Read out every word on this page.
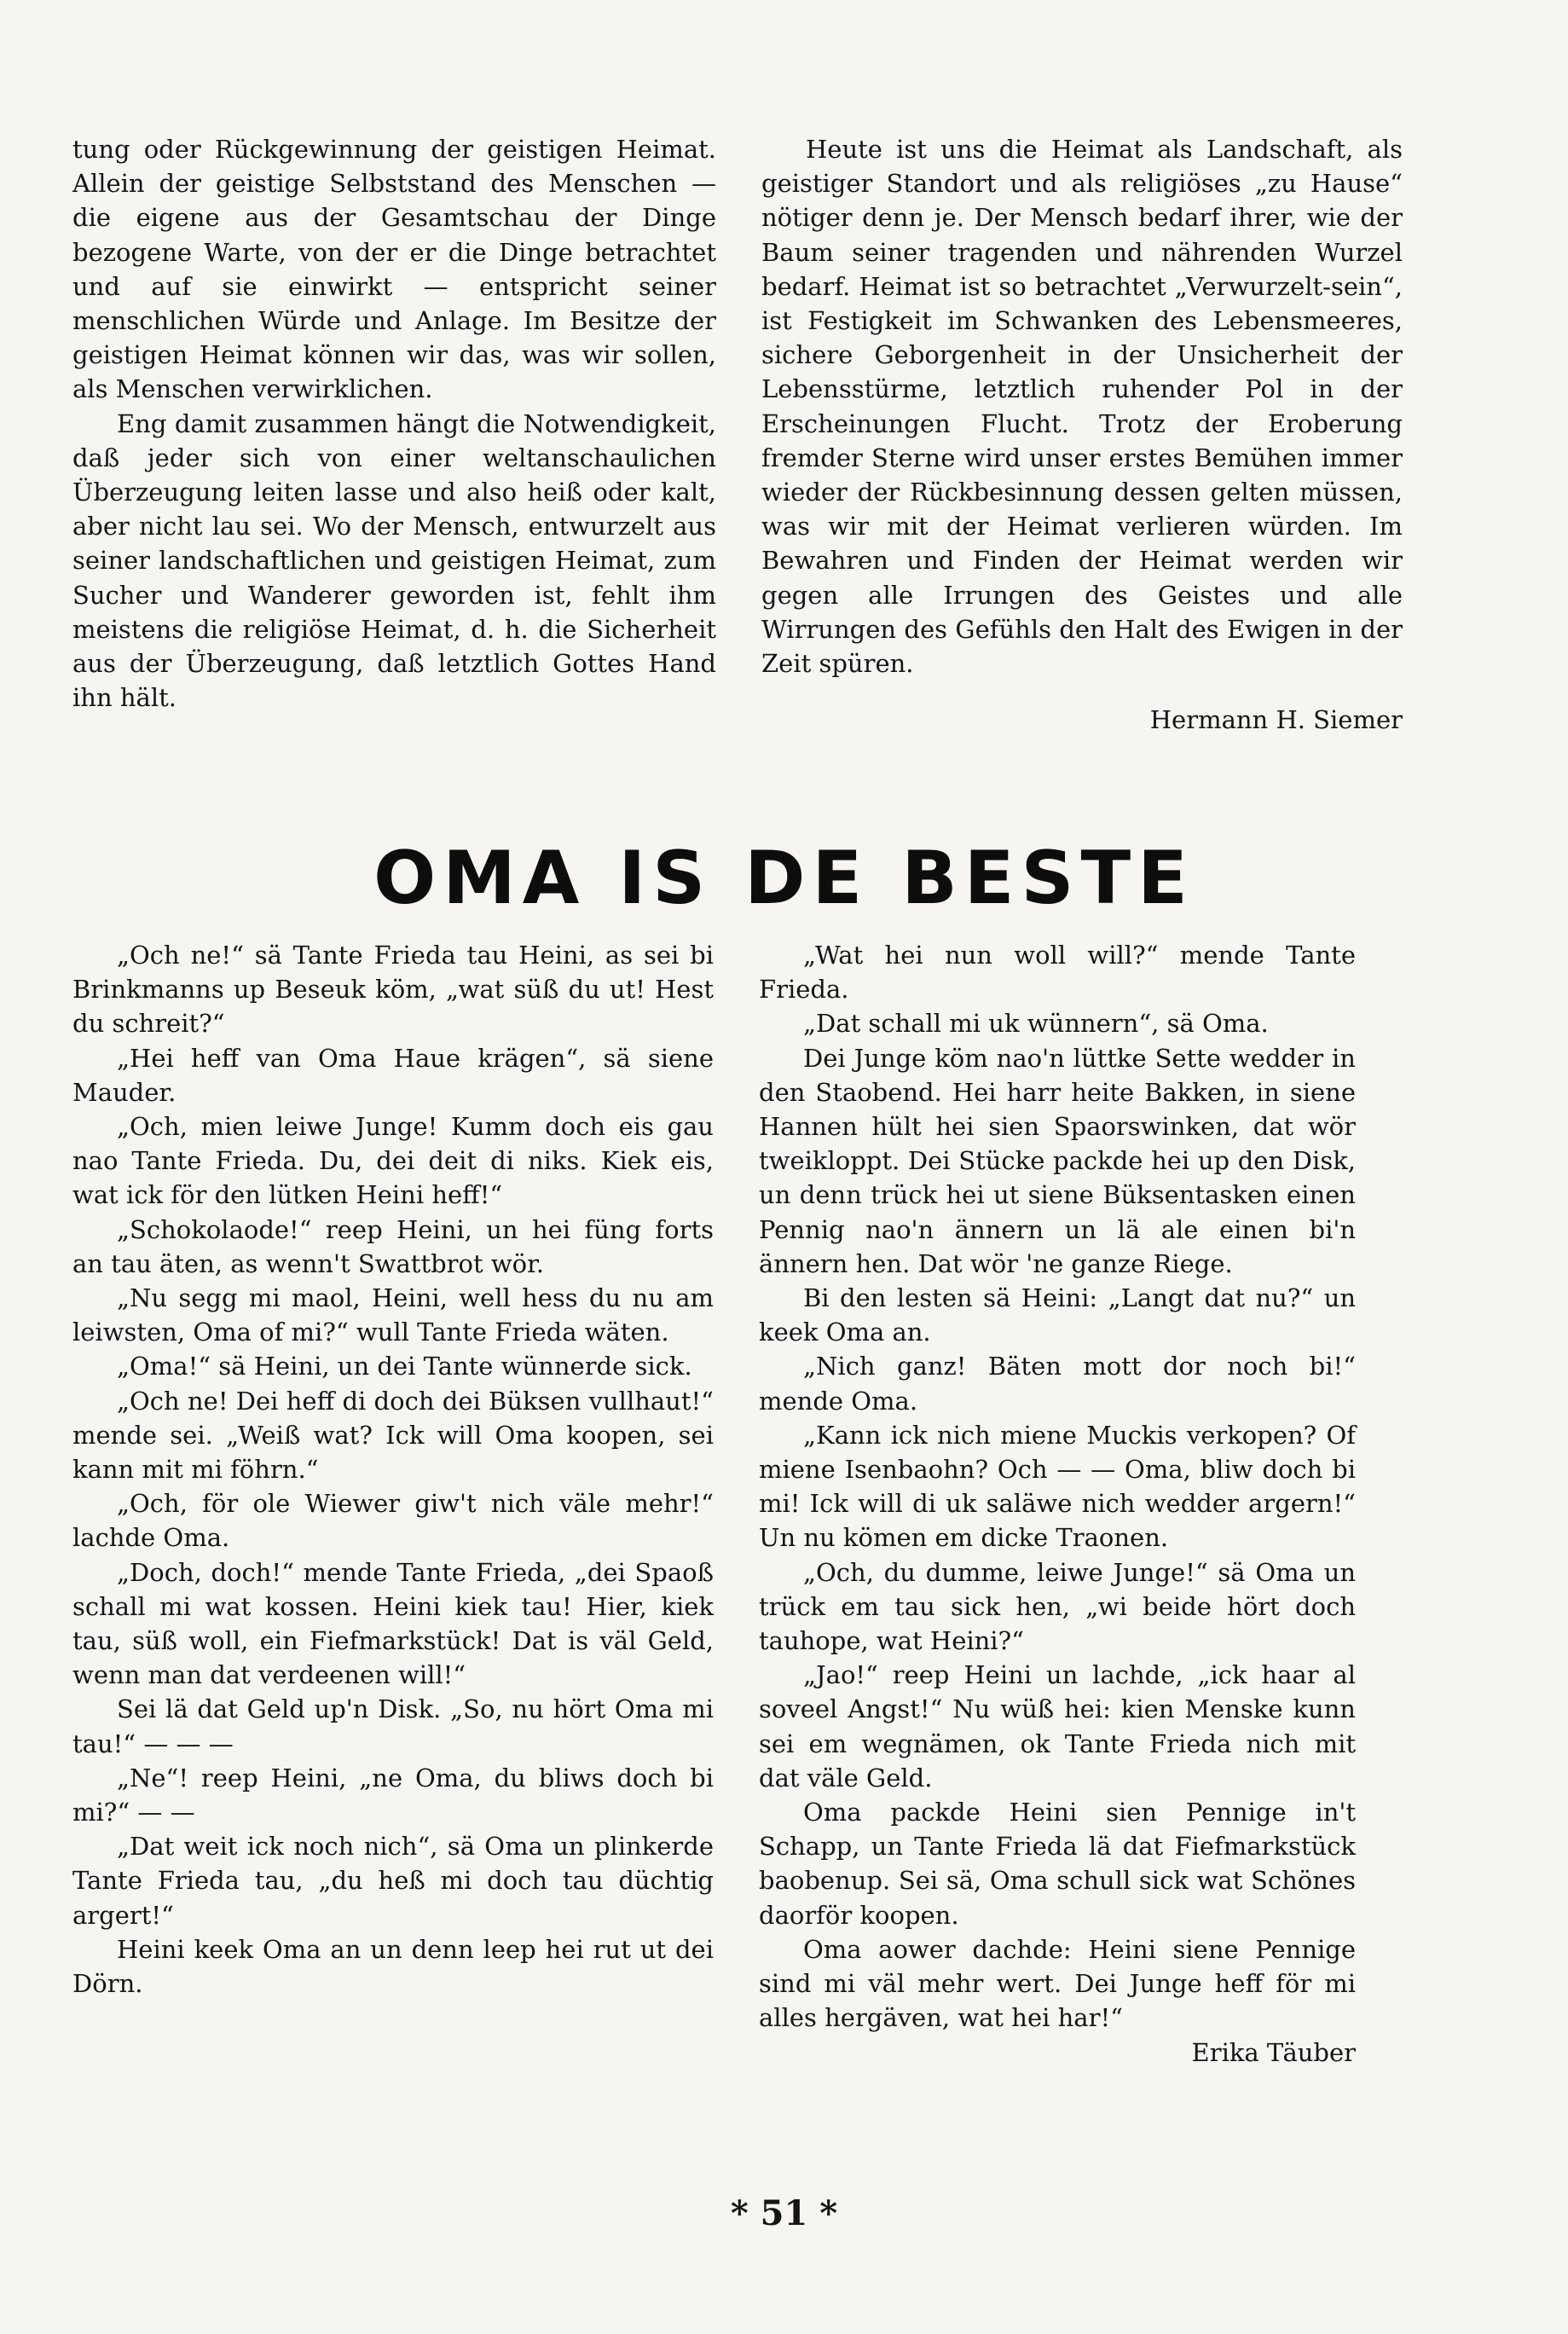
tung oder Rückgewinnung der geistigen Heimat. Allein der geistige Selbststand des Menschen — die eigene aus der Gesamtschau der Dinge bezogene Warte, von der er die Dinge betrachtet und auf sie einwirkt — entspricht seiner menschlichen Würde und Anlage. Im Besitze der geistigen Heimat können wir das, was wir sollen, als Menschen verwirklichen.

Eng damit zusammen hängt die Notwendigkeit, daß jeder sich von einer weltanschaulichen Überzeugung leiten lasse und also heiß oder kalt, aber nicht lau sei. Wo der Mensch, entwurzelt aus seiner landschaftlichen und geistigen Heimat, zum Sucher und Wanderer geworden ist, fehlt ihm meistens die religiöse Heimat, d. h. die Sicherheit aus der Überzeugung, daß letztlich Gottes Hand ihn hält.

Heute ist uns die Heimat als Landschaft, als geistiger Standort und als religiöses „zu Hause“ nötiger denn je. Der Mensch bedarf ihrer, wie der Baum seiner tragenden und nährenden Wurzel bedarf. Heimat ist so betrachtet „Verwurzelt-sein“, ist Festigkeit im Schwanken des Lebensmeeres, sichere Geborgenheit in der Unsicherheit der Lebensstürme, letztlich ruhender Pol in der Erscheinungen Flucht. Trotz der Eroberung fremder Sterne wird unser erstes Bemühen immer wieder der Rückbesinnung dessen gelten müssen, was wir mit der Heimat verlieren würden. Im Bewahren und Finden der Heimat werden wir gegen alle Irrungen des Geistes und alle Wirrungen des Gefühls den Halt des Ewigen in der Zeit spüren.

Hermann H. Siemer
OMA IS DE BESTE

„Och ne!“ sä Tante Frieda tau Heini, as sei bi Brinkmanns up Beseuk köm, „wat süß du ut! Hest du schreit?“

„Hei heff van Oma Haue krägen“, sä siene Mauder.

„Och, mien leiwe Junge! Kumm doch eis gau nao Tante Frieda. Du, dei deit di niks. Kiek eis, wat ick för den lütken Heini heff!“

„Schokolaode!“ reep Heini, un hei füng forts an tau äten, as wenn't Swattbrot wör.

„Nu segg mi maol, Heini, well hess du nu am leiwsten, Oma of mi?“ wull Tante Frieda wäten.

„Oma!“ sä Heini, un dei Tante wünnerde sick.

„Och ne! Dei heff di doch dei Büksen vullhaut!“ mende sei. „Weiß wat? Ick will Oma koopen, sei kann mit mi föhrn.“

„Och, för ole Wiewer giw't nich väle mehr!“ lachde Oma.

„Doch, doch!“ mende Tante Frieda, „dei Spaoß schall mi wat kossen. Heini kiek tau! Hier, kiek tau, süß woll, ein Fiefmarkstück! Dat is väl Geld, wenn man dat verdeenen will!“

Sei lä dat Geld up'n Disk. „So, nu hört Oma mi tau!“ — — —

„Ne“! reep Heini, „ne Oma, du bliws doch bi mi?“ — —

„Dat weit ick noch nich“, sä Oma un plinkerde Tante Frieda tau, „du heß mi doch tau düchtig argert!“

Heini keek Oma an un denn leep hei rut ut dei Dörn.

„Wat hei nun woll will?“ mende Tante Frieda.

„Dat schall mi uk wünnern“, sä Oma.

Dei Junge köm nao'n lüttke Sette wedder in den Staobend. Hei harr heite Bakken, in siene Hannen hült hei sien Spaorswinken, dat wör tweikloppt. Dei Stücke packde hei up den Disk, un denn trück hei ut siene Büksentasken einen Pennig nao'n ännern un lä ale einen bi'n ännern hen. Dat wör 'ne ganze Riege.

Bi den lesten sä Heini: „Langt dat nu?“ un keek Oma an.

„Nich ganz! Bäten mott dor noch bi!“ mende Oma.

„Kann ick nich miene Muckis verkopen? Of miene Isenbaohn? Och — — Oma, bliw doch bi mi! Ick will di uk saläwe nich wedder argern!“ Un nu kömen em dicke Traonen.

„Och, du dumme, leiwe Junge!“ sä Oma un trück em tau sick hen, „wi beide hört doch tauhope, wat Heini?“

„Jao!“ reep Heini un lachde, „ick haar al soveel Angst!“ Nu wüß hei: kien Menske kunn sei em wegnämen, ok Tante Frieda nich mit dat väle Geld.

Oma packde Heini sien Pennige in't Schapp, un Tante Frieda lä dat Fiefmarkstück baobenup. Sei sä, Oma schull sick wat Schönes daorför koopen.

Oma aower dachde: Heini siene Pennige sind mi väl mehr wert. Dei Junge heff för mi alles hergäven, wat hei har!“

Erika Täuber
* 51 *
